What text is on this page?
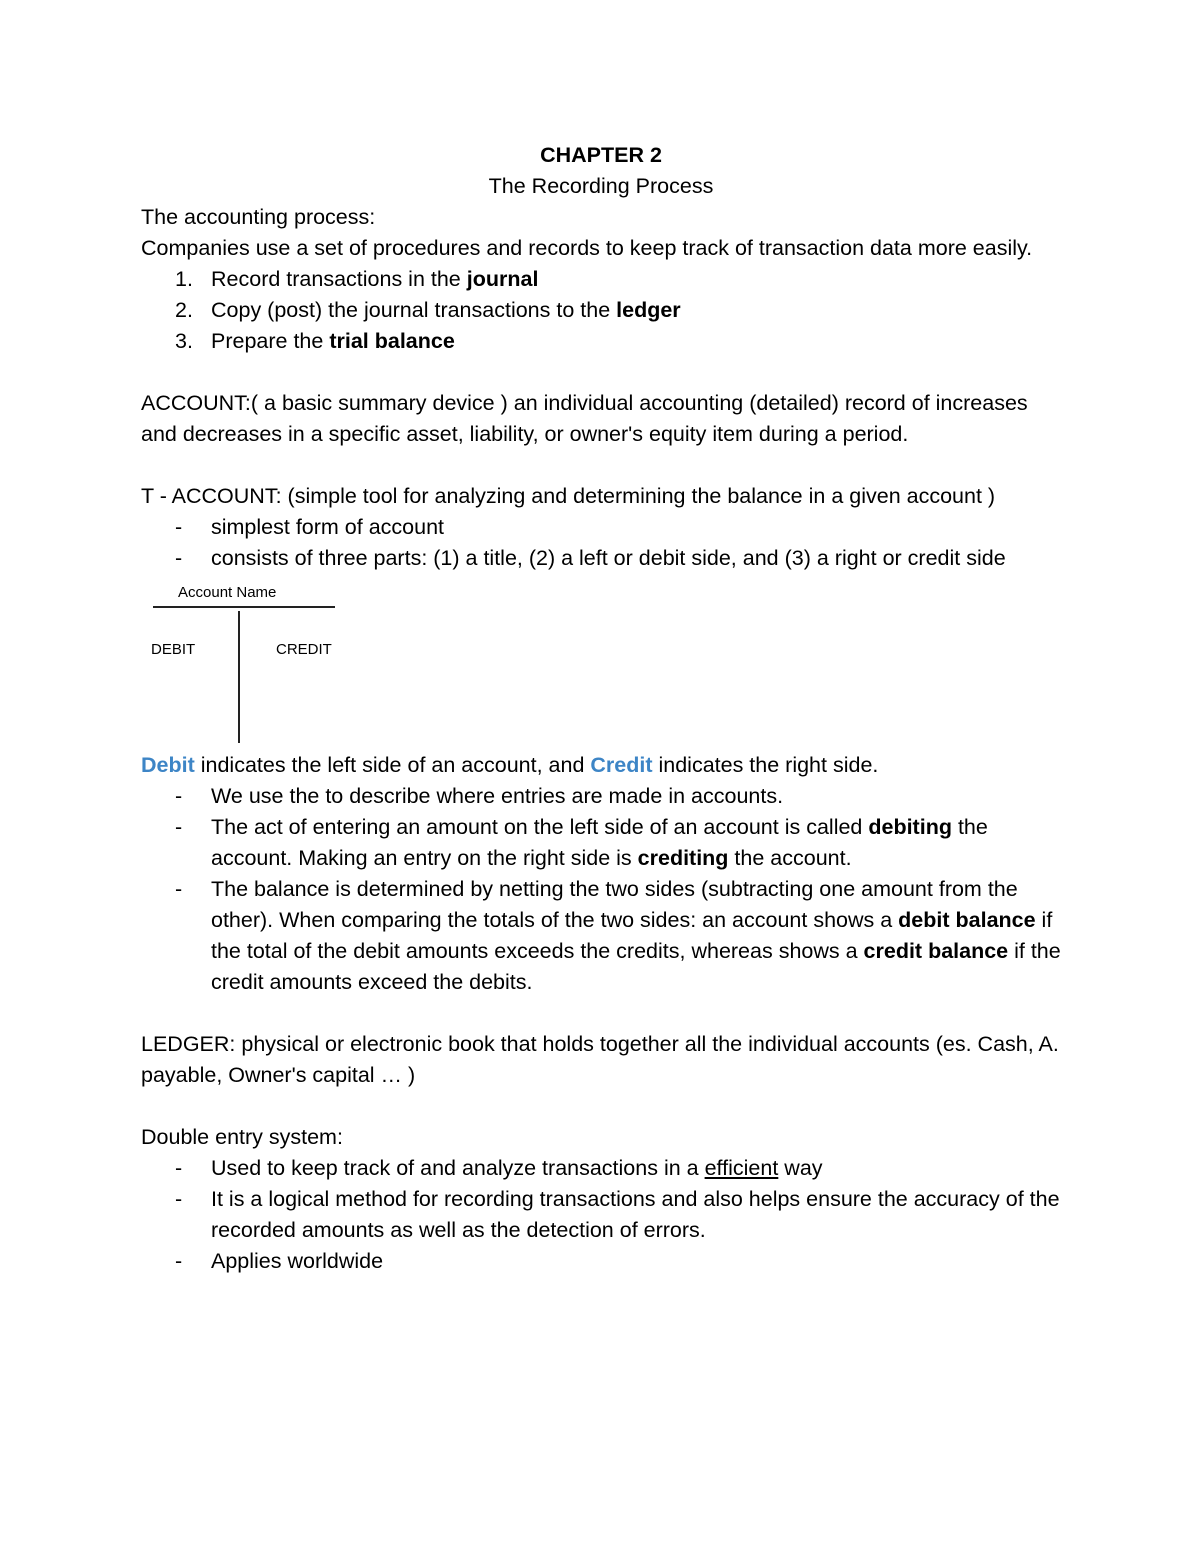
CHAPTER 2

The Recording Process

The accounting process:

Companies use a set of procedures and records to keep track of transaction data more easily.

1. Record transactions in the journal
2. Copy (post) the journal transactions to the ledger
3. Prepare the trial balance

ACCOUNT:( a basic summary device ) an individual accounting (detailed) record of increases and decreases in a specific asset, liability, or owner's equity item during a period.

T - ACCOUNT: (simple tool for analyzing and determining the balance in a given account )

- simplest form of account
- consists of three parts: (1) a title, (2) a left or debit side, and (3) a right or credit side
Account Name
DEBIT	CREDIT

Debit indicates the left side of an account, and Credit indicates the right side.

- We use the to describe where entries are made in accounts.
- The act of entering an amount on the left side of an account is called debiting the account. Making an entry on the right side is crediting the account.
- The balance is determined by netting the two sides (subtracting one amount from the other). When comparing the totals of the two sides: an account shows a debit balance if the total of the debit amounts exceeds the credits, whereas shows a credit balance if the credit amounts exceed the debits.

LEDGER: physical or electronic book that holds together all the individual accounts (es. Cash, A. payable, Owner's capital … )

Double entry system:

- Used to keep track of and analyze transactions in a efficient way
- It is a logical method for recording transactions and also helps ensure the accuracy of the recorded amounts as well as the detection of errors.
- Applies worldwide
